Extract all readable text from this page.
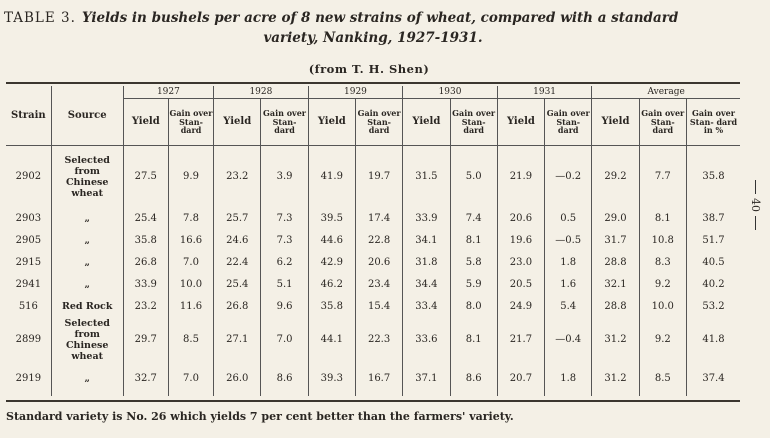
TABLE 3. Yields in bushels per acre of 8 new strains of wheat, compared with a standard
variety, Nanking, 1927-1931.
(from T. H. Shen)
Strain	Source	1927		1928		1929		1930		1931		Average		
		Yield	Gain over Stan- dard	Yield	Gain over Stan- dard	Yield	Gain over Stan- dard	Yield	Gain over Stan- dard	Yield	Gain over Stan- dard	Yield	Gain over Stan- dard	Gain over Stan- dard in %
2902	Selected from Chinese wheat	27.5	9.9	23.2	3.9	41.9	19.7	31.5	5.0	21.9	—0.2	29.2	7.7	35.8
2903	„	25.4	7.8	25.7	7.3	39.5	17.4	33.9	7.4	20.6	0.5	29.0	8.1	38.7
2905	„	35.8	16.6	24.6	7.3	44.6	22.8	34.1	8.1	19.6	—0.5	31.7	10.8	51.7
2915	„	26.8	7.0	22.4	6.2	42.9	20.6	31.8	5.8	23.0	1.8	28.8	8.3	40.5
2941	„	33.9	10.0	25.4	5.1	46.2	23.4	34.4	5.9	20.5	1.6	32.1	9.2	40.2
516	Red Rock	23.2	11.6	26.8	9.6	35.8	15.4	33.4	8.0	24.9	5.4	28.8	10.0	53.2
2899	Selected from Chinese wheat	29.7	8.5	27.1	7.0	44.1	22.3	33.6	8.1	21.7	—0.4	31.2	9.2	41.8
2919	„	32.7	7.0	26.0	8.6	39.3	16.7	37.1	8.6	20.7	1.8	31.2	8.5	37.4
Standard variety is No. 26 which yields 7 per cent better than the farmers' variety.
40
